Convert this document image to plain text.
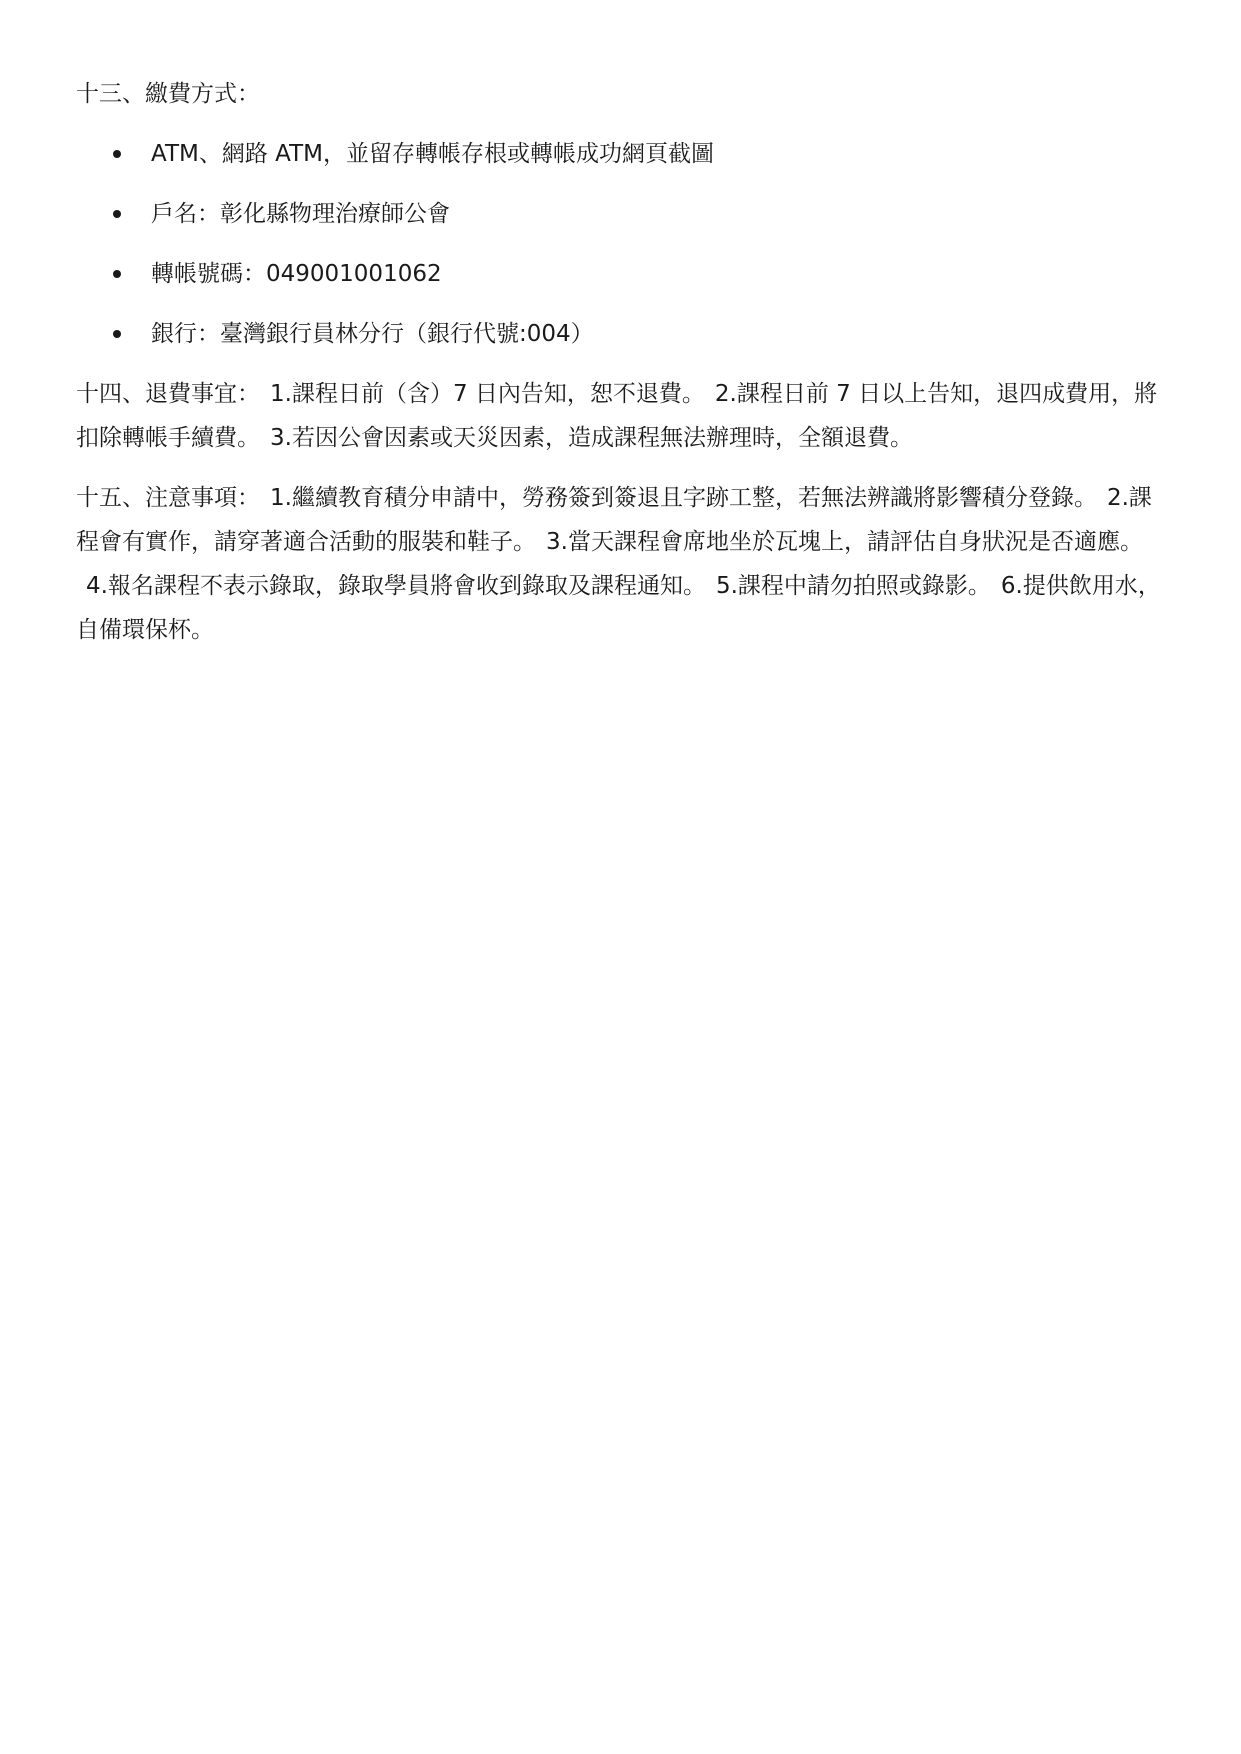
十三、繳費方式：

ATM、網路 ATM，並留存轉帳存根或轉帳成功網頁截圖
戶名：彰化縣物理治療師公會
轉帳號碼：049001001062
銀行：臺灣銀行員林分行（銀行代號:004）

十四、退費事宜： 1.課程日前（含）7 日內告知，恕不退費。 2.課程日前 7 日以上告知，退四成費用，將扣除轉帳手續費。 3.若因公會因素或天災因素，造成課程無法辦理時，全額退費。

十五、注意事項： 1.繼續教育積分申請中，勞務簽到簽退且字跡工整，若無法辨識將影響積分登錄。 2.課程會有實作，請穿著適合活動的服裝和鞋子。 3.當天課程會席地坐於瓦塊上，請評估自身狀況是否適應。4.報名課程不表示錄取，錄取學員將會收到錄取及課程通知。 5.課程中請勿拍照或錄影。 6.提供飲用水，自備環保杯。
